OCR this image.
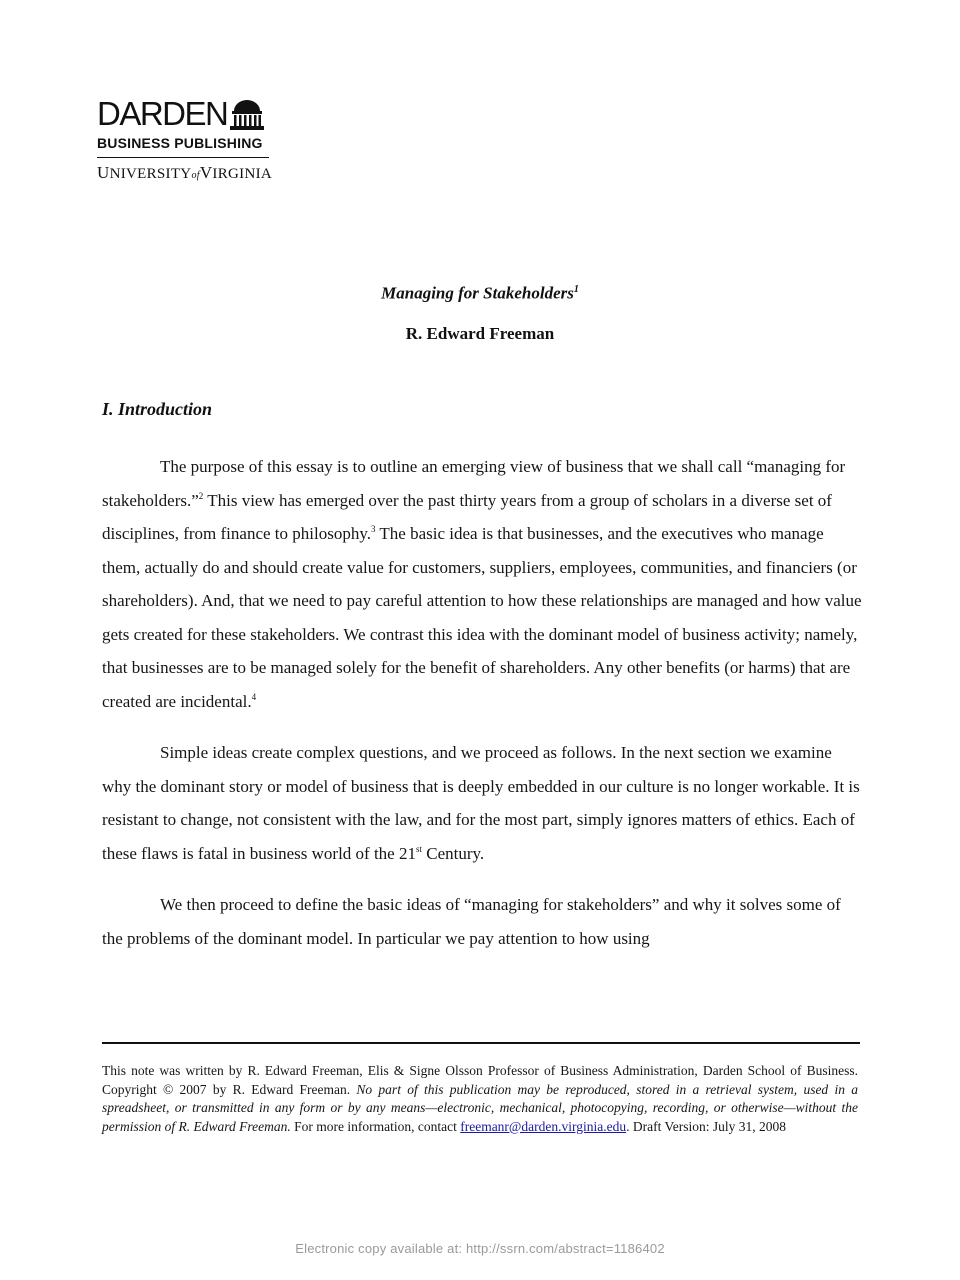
DARDEN
BUSINESS PUBLISHING
UNIVERSITYofVIRGINIA
Managing for Stakeholders$^1$
R. Edward Freeman
I. Introduction

The purpose of this essay is to outline an emerging view of business that we shall call “managing for stakeholders.”$^2$ This view has emerged over the past thirty years from a group of scholars in a diverse set of disciplines, from finance to philosophy.$^3$ The basic idea is that businesses, and the executives who manage them, actually do and should create value for customers, suppliers, employees, communities, and financiers (or shareholders). And, that we need to pay careful attention to how these relationships are managed and how value gets created for these stakeholders. We contrast this idea with the dominant model of business activity; namely, that businesses are to be managed solely for the benefit of shareholders. Any other benefits (or harms) that are created are incidental.$^4$

Simple ideas create complex questions, and we proceed as follows. In the next section we examine why the dominant story or model of business that is deeply embedded in our culture is no longer workable. It is resistant to change, not consistent with the law, and for the most part, simply ignores matters of ethics. Each of these flaws is fatal in business world of the 21st Century.

We then proceed to define the basic ideas of “managing for stakeholders” and why it solves some of the problems of the dominant model. In particular we pay attention to how using

This note was written by R. Edward Freeman, Elis & Signe Olsson Professor of Business Administration, Darden School of Business. Copyright © 2007 by R. Edward Freeman. No part of this publication may be reproduced, stored in a retrieval system, used in a spreadsheet, or transmitted in any form or by any means—electronic, mechanical, photocopying, recording, or otherwise—without the permission of R. Edward Freeman. For more information, contact freemanr@darden.virginia.edu. Draft Version: July 31, 2008
Electronic copy available at: http://ssrn.com/abstract=1186402
